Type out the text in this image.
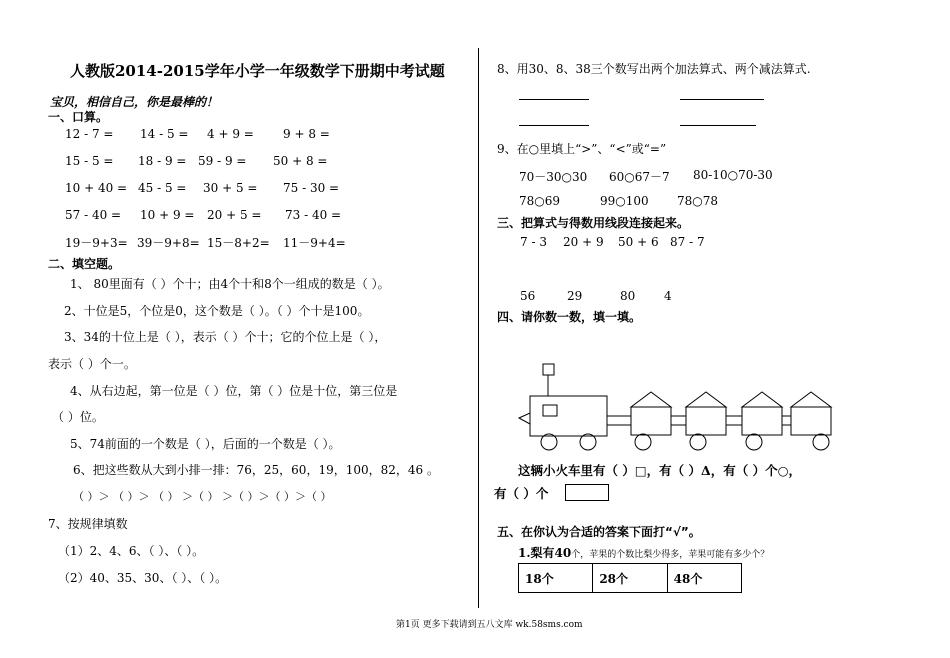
人教版2014-2015学年小学一年级数学下册期中考试题
宝贝，相信自己，你是最棒的！
一、口算。
12 - 7 = 14 - 5 = 4 + 9 = 9 + 8 =
15 - 5 = 18 - 9 = 59 - 9 = 50 + 8 =
10 + 40 = 45 - 5 = 30 + 5 = 75 - 30 =
57 - 40 = 10 + 9 = 20 + 5 = 73 - 40 =
19－9+3= 39－9+8= 15－8+2= 11－9+4=
二、填空题。
1、 80里面有（ ）个十；由4个十和8个一组成的数是（ ）。
2、十位是5，个位是0，这个数是（ ）。（ ）个十是100。
3、34的十位上是（ ），表示（ ）个十；它的个位上是（ ），
表示（ ）个一。
4、从右边起，第一位是（ ）位，第（ ）位是十位，第三位是
（ ）位。
5、74前面的一个数是（ ），后面的一个数是（ ）。
6、把这些数从大到小排一排：76，25，60，19，100，82，46 。
（ ）＞ （ ）＞ （ ） ＞（ ） ＞（ ）＞（ ）＞（ ）
7、按规律填数
（1）2、4、6、（ ）、（ ）。
（2）40、35、30、（ ）、（ ）。
8、用30、8、38三个数写出两个加法算式、两个减法算式.
9、在○里填上“>”、“<”或“=”
70－30○30 60○67－7 80-10○70-30
78○69	99○100 78○78
三、把算式与得数用线段连接起来。
7 - 3 20 + 9 50 + 6 87 - 7
56	29	80 4
四、请你数一数，填一填。
这辆小火车里有（ ）□，有（ ）Δ，有（ ）个○，
有（ ）个
五、在你认为合适的答案下面打“√”。
1.梨有40个，苹果的个数比梨少得多，苹果可能有多少个？
18个	28个	48个
第1页 更多下载请到五八文库 wk.58sms.com
